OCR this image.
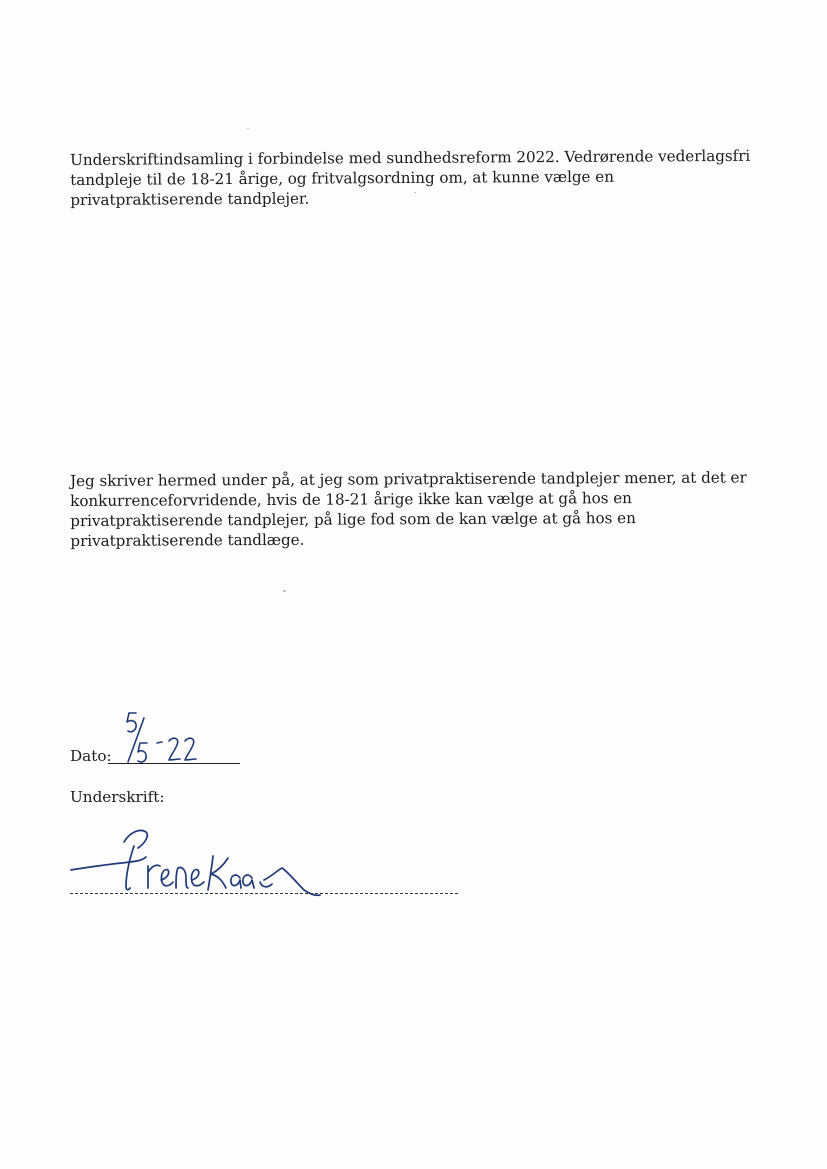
Underskriftindsamling i forbindelse med sundhedsreform 2022. Vedrørende vederlagsfri tandpleje til de 18-21 årige, og fritvalgsordning om, at kunne vælge en privatpraktiserende tandplejer.

Jeg skriver hermed under på, at jeg som privatpraktiserende tandplejer mener, at det er konkurrenceforvridende, hvis de 18-21 årige ikke kan vælge at gå hos en privatpraktiserende tandplejer, på lige fod som de kan vælge at gå hos en privatpraktiserende tandlæge.

Dato:

Underskrift:
